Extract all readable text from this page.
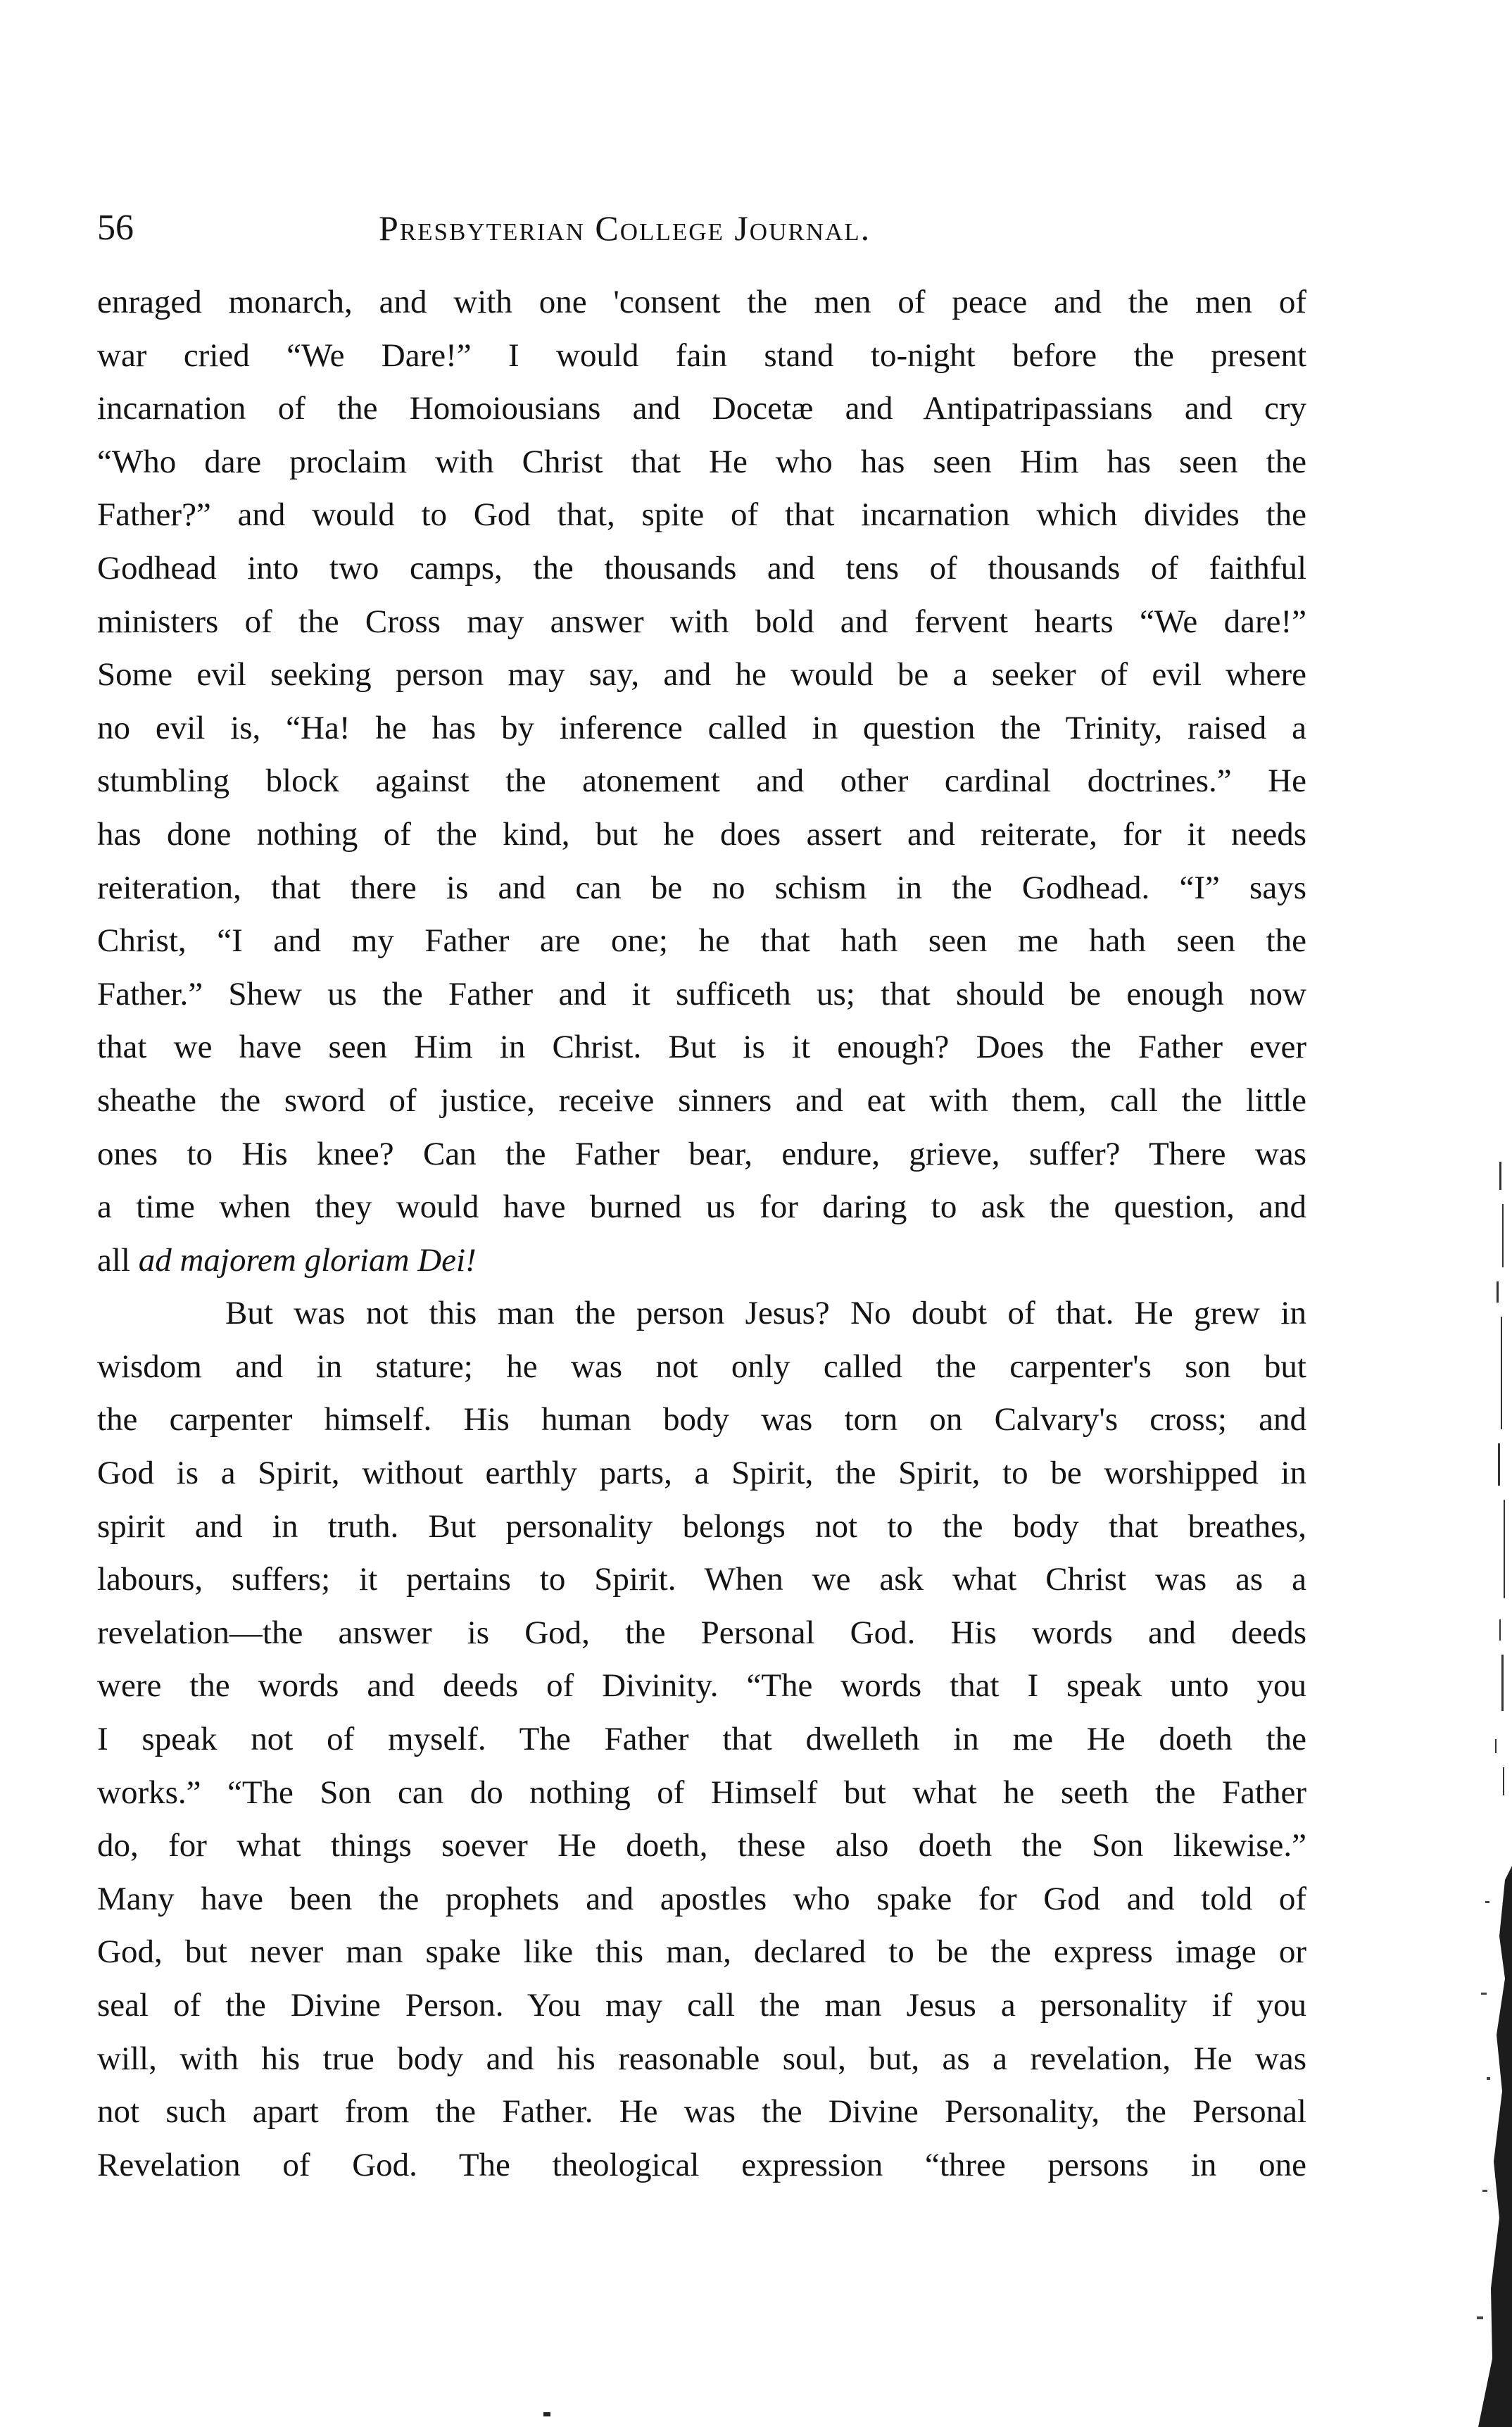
56	Presbyterian College Journal.
enraged monarch, and with one 'consent the men of peace and the men of
war cried “We Dare!” I would fain stand to-night before the present
incarnation of the Homoiousians and Docetæ and Antipatripassians and cry
“Who dare proclaim with Christ that He who has seen Him has seen the
Father?” and would to God that, spite of that incarnation which divides the
Godhead into two camps, the thousands and tens of thousands of faithful
ministers of the Cross may answer with bold and fervent hearts “We dare!”
Some evil seeking person may say, and he would be a seeker of evil where
no evil is, “Ha! he has by inference called in question the Trinity, raised a
stumbling block against the atonement and other cardinal doctrines.” He
has done nothing of the kind, but he does assert and reiterate, for it needs
reiteration, that there is and can be no schism in the Godhead. “I” says
Christ, “I and my Father are one; he that hath seen me hath seen the
Father.” Shew us the Father and it sufficeth us; that should be enough now
that we have seen Him in Christ. But is it enough? Does the Father ever
sheathe the sword of justice, receive sinners and eat with them, call the little
ones to His knee? Can the Father bear, endure, grieve, suffer? There was
a time when they would have burned us for daring to ask the question, and
all ad majorem gloriam Dei!
But was not this man the person Jesus? No doubt of that. He grew in
wisdom and in stature; he was not only called the carpenter's son but
the carpenter himself. His human body was torn on Calvary's cross; and
God is a Spirit, without earthly parts, a Spirit, the Spirit, to be worshipped in
spirit and in truth. But personality belongs not to the body that breathes,
labours, suffers; it pertains to Spirit. When we ask what Christ was as a
revelation—the answer is God, the Personal God. His words and deeds
were the words and deeds of Divinity. “The words that I speak unto you
I speak not of myself. The Father that dwelleth in me He doeth the
works.” “The Son can do nothing of Himself but what he seeth the Father
do, for what things soever He doeth, these also doeth the Son likewise.”
Many have been the prophets and apostles who spake for God and told of
God, but never man spake like this man, declared to be the express image or
seal of the Divine Person. You may call the man Jesus a personality if you
will, with his true body and his reasonable soul, but, as a revelation, He was
not such apart from the Father. He was the Divine Personality, the Personal
Revelation of God. The theological expression “three persons in one
